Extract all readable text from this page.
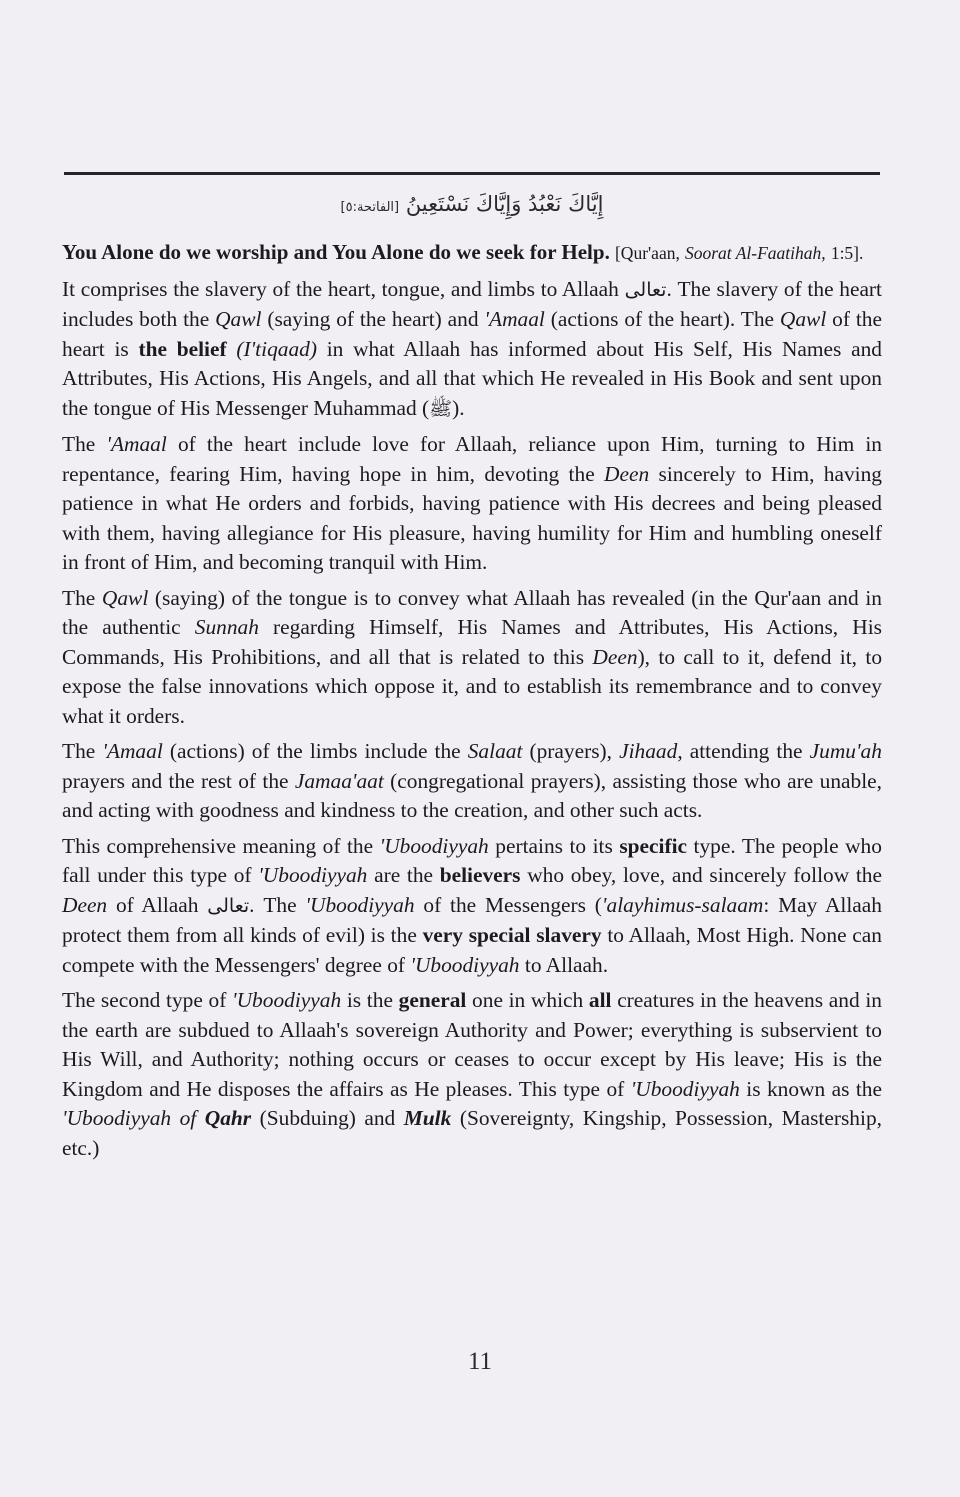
إِيَّاكَ نَعْبُدُ وَإِيَّاكَ نَسْتَعِينُ [الفاتحة:٥]

You Alone do we worship and You Alone do we seek for Help. [Qur'aan, Soorat Al-Faatihah, 1:5].

It comprises the slavery of the heart, tongue, and limbs to Allaah تعالى. The slavery of the heart includes both the Qawl (saying of the heart) and 'Amaal (actions of the heart). The Qawl of the heart is the belief (I'tiqaad) in what Allaah has informed about His Self, His Names and Attributes, His Actions, His Angels, and all that which He revealed in His Book and sent upon the tongue of His Messenger Muhammad (ﷺ).

The 'Amaal of the heart include love for Allaah, reliance upon Him, turning to Him in repentance, fearing Him, having hope in him, devoting the Deen sincerely to Him, having patience in what He orders and forbids, having patience with His decrees and being pleased with them, having allegiance for His pleasure, having humility for Him and humbling oneself in front of Him, and becoming tranquil with Him.

The Qawl (saying) of the tongue is to convey what Allaah has revealed (in the Qur'aan and in the authentic Sunnah regarding Himself, His Names and Attributes, His Actions, His Commands, His Prohibitions, and all that is related to this Deen), to call to it, defend it, to expose the false innovations which oppose it, and to establish its remembrance and to convey what it orders.

The 'Amaal (actions) of the limbs include the Salaat (prayers), Jihaad, attending the Jumu'ah prayers and the rest of the Jamaa'aat (congregational prayers), assisting those who are unable, and acting with goodness and kindness to the creation, and other such acts.

This comprehensive meaning of the 'Uboodiyyah pertains to its specific type. The people who fall under this type of 'Uboodiyyah are the believers who obey, love, and sincerely follow the Deen of Allaah تعالى. The 'Uboodiyyah of the Messengers ('alayhimus-salaam: May Allaah protect them from all kinds of evil) is the very special slavery to Allaah, Most High. None can compete with the Messengers' degree of 'Uboodiyyah to Allaah.

The second type of 'Uboodiyyah is the general one in which all creatures in the heavens and in the earth are subdued to Allaah's sovereign Authority and Power; everything is subservient to His Will, and Authority; nothing occurs or ceases to occur except by His leave; His is the Kingdom and He disposes the affairs as He pleases. This type of 'Uboodiyyah is known as the 'Uboodiyyah of Qahr (Subduing) and Mulk (Sovereignty, Kingship, Possession, Mastership, etc.)

11
